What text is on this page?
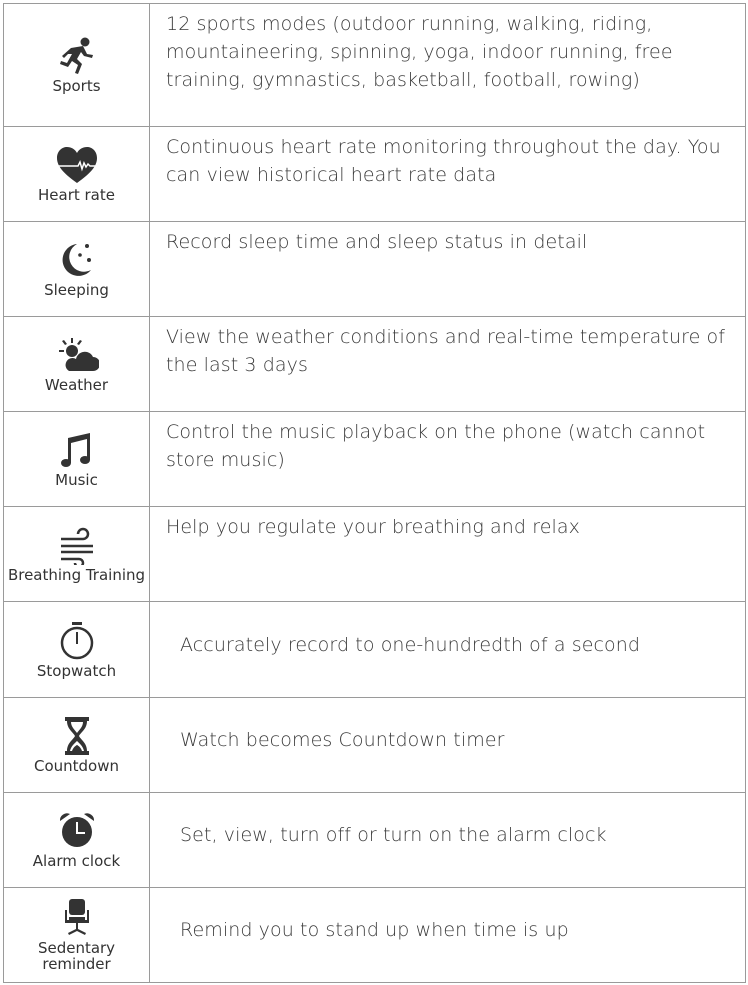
Sports	12 sports modes (outdoor running, walking, riding, mountaineering, spinning, yoga, indoor running, free training, gymnastics, basketball, football, rowing)

Heart rate	Continuous heart rate monitoring throughout the day. You can view historical heart rate data

Sleeping	Record sleep time and sleep status in detail

Weather	View the weather conditions and real-time temperature of the last 3 days

Music	Control the music playback on the phone (watch cannot store music)

Breathing Training	Help you regulate your breathing and relax

Stopwatch	Accurately record to one-hundredth of a second

Countdown	Watch becomes Countdown timer

Alarm clock	Set, view, turn off or turn on the alarm clock

Sedentary reminder	Remind you to stand up when time is up
